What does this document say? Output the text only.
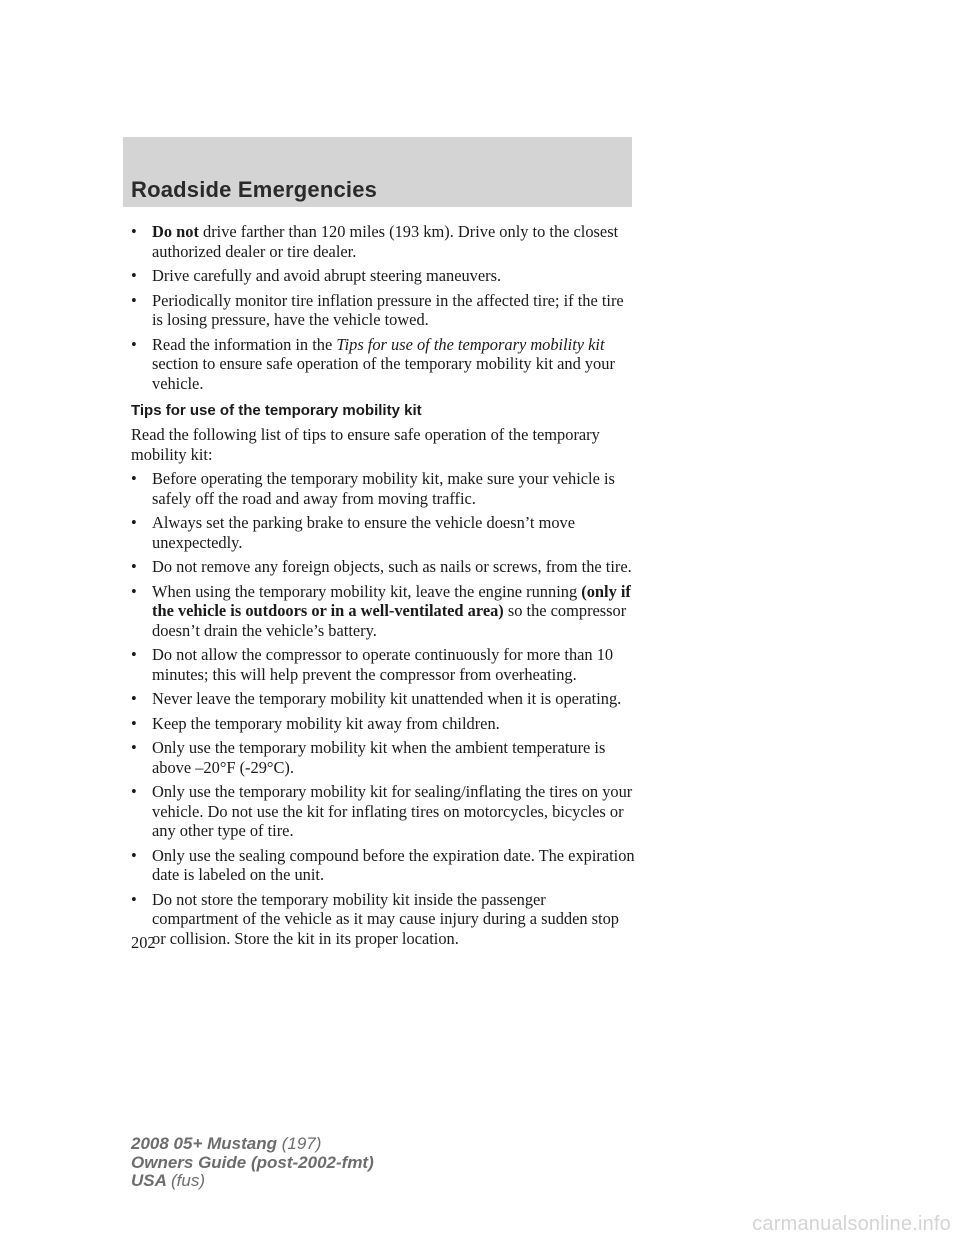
Roadside Emergencies
• Do not drive farther than 120 miles (193 km). Drive only to the closest authorized dealer or tire dealer.
• Drive carefully and avoid abrupt steering maneuvers.
• Periodically monitor tire inflation pressure in the affected tire; if the tire is losing pressure, have the vehicle towed.
• Read the information in the Tips for use of the temporary mobility kit section to ensure safe operation of the temporary mobility kit and your vehicle.
Tips for use of the temporary mobility kit

Read the following list of tips to ensure safe operation of the temporary mobility kit:

• Before operating the temporary mobility kit, make sure your vehicle is safely off the road and away from moving traffic.
• Always set the parking brake to ensure the vehicle doesn’t move unexpectedly.
• Do not remove any foreign objects, such as nails or screws, from the tire.
• When using the temporary mobility kit, leave the engine running (only if the vehicle is outdoors or in a well-ventilated area) so the compressor doesn’t drain the vehicle’s battery.
• Do not allow the compressor to operate continuously for more than 10 minutes; this will help prevent the compressor from overheating.
• Never leave the temporary mobility kit unattended when it is operating.
• Keep the temporary mobility kit away from children.
• Only use the temporary mobility kit when the ambient temperature is above –20°F (-29°C).
• Only use the temporary mobility kit for sealing/inflating the tires on your vehicle. Do not use the kit for inflating tires on motorcycles, bicycles or any other type of tire.
• Only use the sealing compound before the expiration date. The expiration date is labeled on the unit.
• Do not store the temporary mobility kit inside the passenger compartment of the vehicle as it may cause injury during a sudden stop or collision. Store the kit in its proper location.
202
2008 05+ Mustang (197)
Owners Guide (post-2002-fmt)
USA (fus)
carmanualsonline.info
